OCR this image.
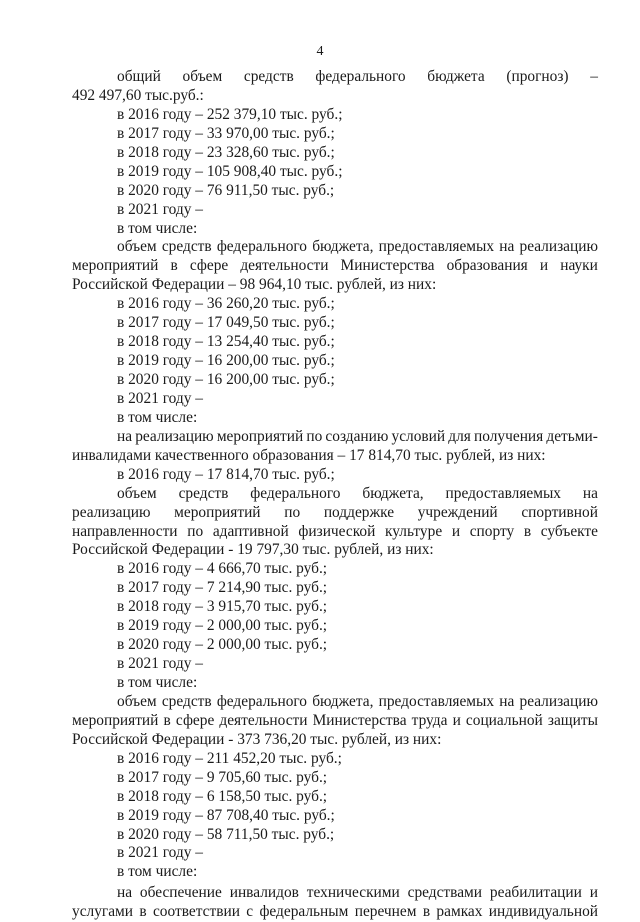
4
общий объем средств федерального бюджета (прогноз) –
492 497,60 тыс.руб.:
в 2016 году – 252 379,10 тыс. руб.;
в 2017 году – 33 970,00 тыс. руб.;
в 2018 году – 23 328,60 тыс. руб.;
в 2019 году – 105 908,40 тыс. руб.;
в 2020 году – 76 911,50 тыс. руб.;
в 2021 году –
в том числе:
объем средств федерального бюджета, предоставляемых на реализацию
мероприятий в сфере деятельности Министерства образования и науки
Российской Федерации – 98 964,10 тыс. рублей, из них:
в 2016 году – 36 260,20 тыс. руб.;
в 2017 году – 17 049,50 тыс. руб.;
в 2018 году – 13 254,40 тыс. руб.;
в 2019 году – 16 200,00 тыс. руб.;
в 2020 году – 16 200,00 тыс. руб.;
в 2021 году –
в том числе:
на реализацию мероприятий по созданию условий для получения детьми-
инвалидами качественного образования – 17 814,70 тыс. рублей, из них:
в 2016 году – 17 814,70 тыс. руб.;
объем средств федерального бюджета, предоставляемых на
реализацию мероприятий по поддержке учреждений спортивной
направленности по адаптивной физической культуре и спорту в субъекте
Российской Федерации - 19 797,30 тыс. рублей, из них:
в 2016 году – 4 666,70 тыс. руб.;
в 2017 году – 7 214,90 тыс. руб.;
в 2018 году – 3 915,70 тыс. руб.;
в 2019 году – 2 000,00 тыс. руб.;
в 2020 году – 2 000,00 тыс. руб.;
в 2021 году –
в том числе:
объем средств федерального бюджета, предоставляемых на реализацию
мероприятий в сфере деятельности Министерства труда и социальной защиты
Российской Федерации - 373 736,20 тыс. рублей, из них:
в 2016 году – 211 452,20 тыс. руб.;
в 2017 году – 9 705,60 тыс. руб.;
в 2018 году – 6 158,50 тыс. руб.;
в 2019 году – 87 708,40 тыс. руб.;
в 2020 году – 58 711,50 тыс. руб.;
в 2021 году –
в том числе:
на обеспечение инвалидов техническими средствами реабилитации и
услугами в соответствии с федеральным перечнем в рамках индивидуальной
